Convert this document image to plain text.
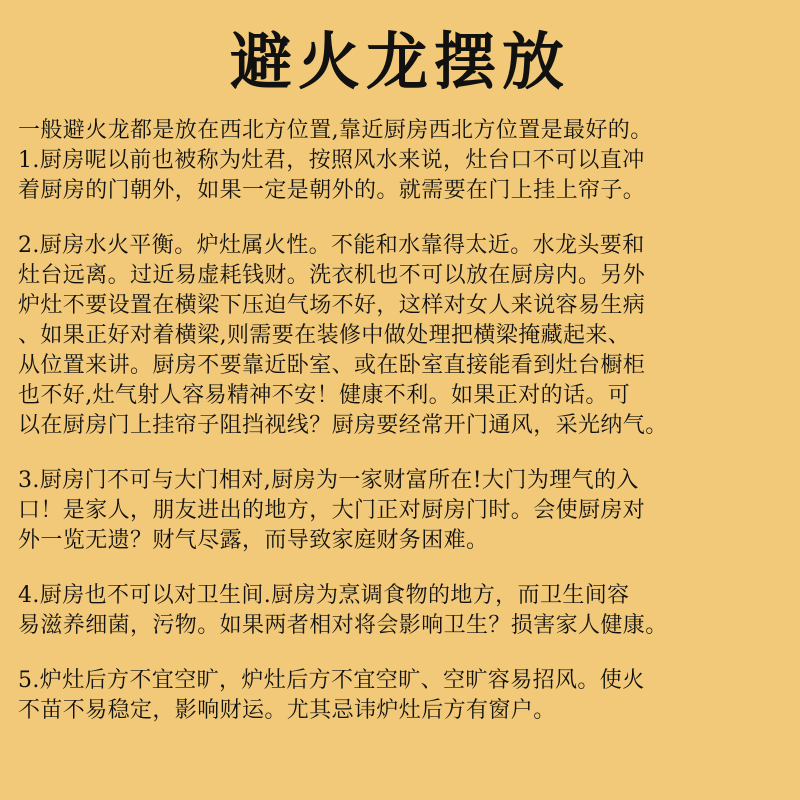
避火龙摆放
一般避火龙都是放在西北方位置,靠近厨房西北方位置是最好的。
1.厨房呢以前也被称为灶君，按照风水来说，灶台口不可以直冲
着厨房的门朝外，如果一定是朝外的。就需要在门上挂上帘子。
2.厨房水火平衡。炉灶属火性。不能和水靠得太近。水龙头要和
灶台远离。过近易虚耗钱财。洗衣机也不可以放在厨房内。另外
炉灶不要设置在横梁下压迫气场不好，这样对女人来说容易生病
、如果正好对着横梁,则需要在装修中做处理把横梁掩藏起来、
从位置来讲。厨房不要靠近卧室、或在卧室直接能看到灶台橱柜
也不好,灶气射人容易精神不安！健康不利。如果正对的话。可
以在厨房门上挂帘子阻挡视线？厨房要经常开门通风，采光纳气。
3.厨房门不可与大门相对,厨房为一家财富所在!大门为理气的入
口！是家人，朋友进出的地方，大门正对厨房门时。会使厨房对
外一览无遗？财气尽露，而导致家庭财务困难。
4.厨房也不可以对卫生间.厨房为烹调食物的地方，而卫生间容
易滋养细菌，污物。如果两者相对将会影响卫生？损害家人健康。
5.炉灶后方不宜空旷，炉灶后方不宜空旷、空旷容易招风。使火
不苗不易稳定，影响财运。尤其忌讳炉灶后方有窗户。
